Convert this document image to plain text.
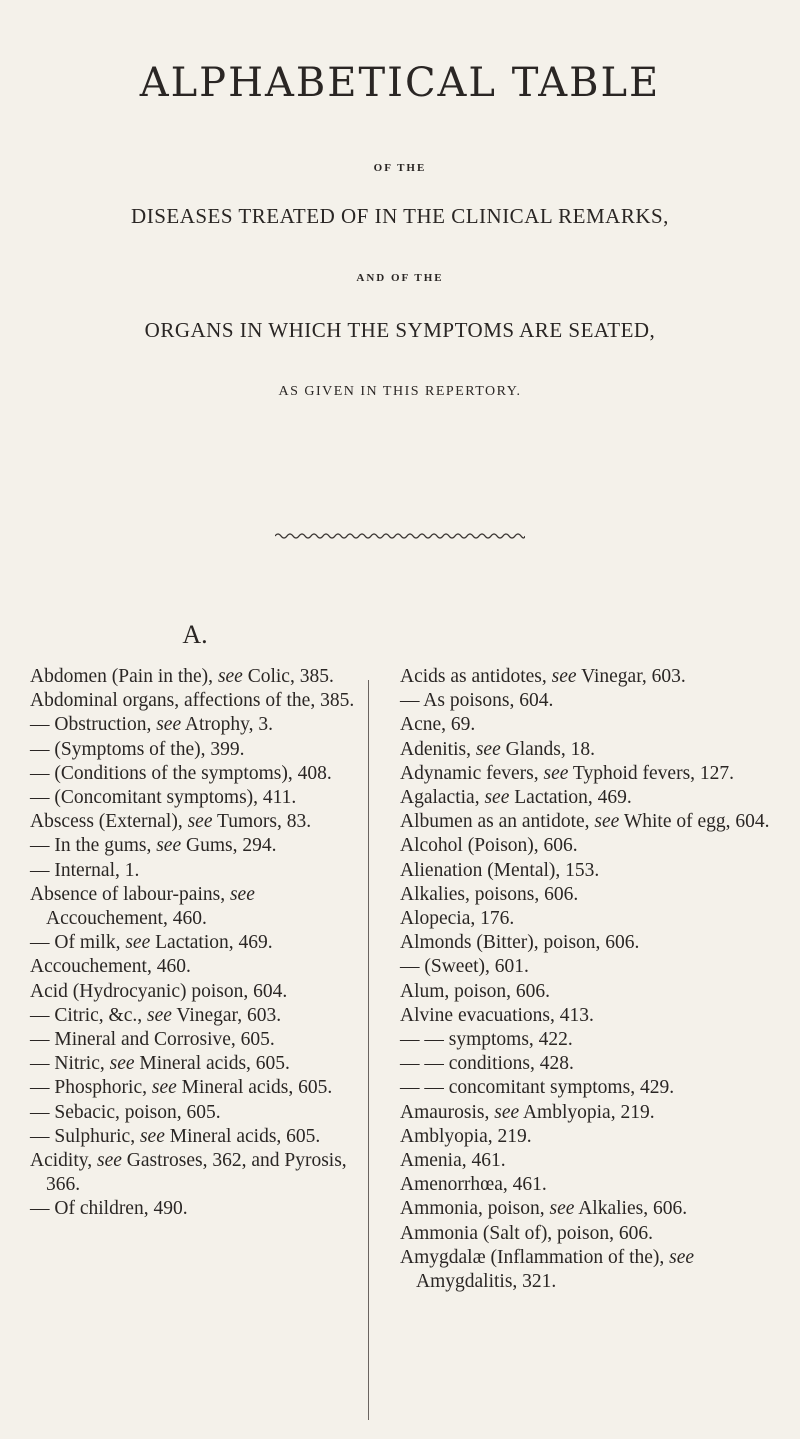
ALPHABETICAL TABLE
OF THE
DISEASES TREATED OF IN THE CLINICAL REMARKS,
AND OF THE
ORGANS IN WHICH THE SYMPTOMS ARE SEATED,
AS GIVEN IN THIS REPERTORY.
A.

Abdomen (Pain in the), see Colic, 385.

Abdominal organs, affections of the, 385.

— Obstruction, see Atrophy, 3.

— (Symptoms of the), 399.

— (Conditions of the symptoms), 408.

— (Concomitant symptoms), 411.

Abscess (External), see Tumors, 83.

— In the gums, see Gums, 294.

— Internal, 1.

Absence of labour-pains, see Accouchement, 460.

— Of milk, see Lactation, 469.

Accouchement, 460.

Acid (Hydrocyanic) poison, 604.

— Citric, &c., see Vinegar, 603.

— Mineral and Corrosive, 605.

— Nitric, see Mineral acids, 605.

— Phosphoric, see Mineral acids, 605.

— Sebacic, poison, 605.

— Sulphuric, see Mineral acids, 605.

Acidity, see Gastroses, 362, and Pyrosis, 366.

— Of children, 490.

Acids as antidotes, see Vinegar, 603.

— As poisons, 604.

Acne, 69.

Adenitis, see Glands, 18.

Adynamic fevers, see Typhoid fevers, 127.

Agalactia, see Lactation, 469.

Albumen as an antidote, see White of egg, 604.

Alcohol (Poison), 606.

Alienation (Mental), 153.

Alkalies, poisons, 606.

Alopecia, 176.

Almonds (Bitter), poison, 606.

— (Sweet), 601.

Alum, poison, 606.

Alvine evacuations, 413.

— — symptoms, 422.

— — conditions, 428.

— — concomitant symptoms, 429.

Amaurosis, see Amblyopia, 219.

Amblyopia, 219.

Amenia, 461.

Amenorrhœa, 461.

Ammonia, poison, see Alkalies, 606.

Ammonia (Salt of), poison, 606.

Amygdalæ (Inflammation of the), see Amygdalitis, 321.
